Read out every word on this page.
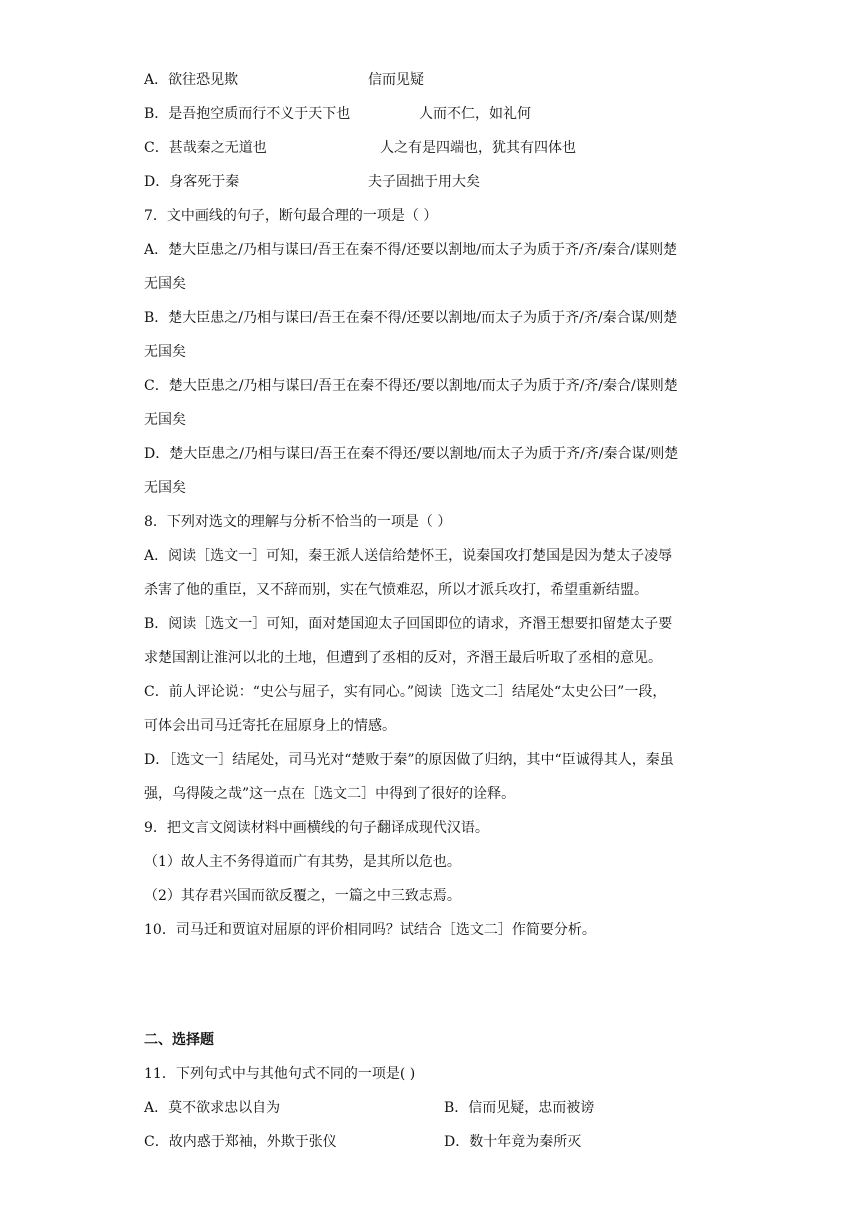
A．欲往恐见欺	信而见疑
B．是吾抱空质而行不义于天下也	人而不仁，如礼何
C．甚哉秦之无道也	人之有是四端也，犹其有四体也
D．身客死于秦	夫子固拙于用大矣
7．文中画线的句子，断句最合理的一项是（ ）
A．楚大臣患之/乃相与谋曰/吾王在秦不得/还要以割地/而太子为质于齐/齐/秦合/谋则楚
无国矣
B．楚大臣患之/乃相与谋曰/吾王在秦不得/还要以割地/而太子为质于齐/齐/秦合谋/则楚
无国矣
C．楚大臣患之/乃相与谋曰/吾王在秦不得还/要以割地/而太子为质于齐/齐/秦合/谋则楚
无国矣
D．楚大臣患之/乃相与谋曰/吾王在秦不得还/要以割地/而太子为质于齐/齐/秦合谋/则楚
无国矣
8．下列对选文的理解与分析不恰当的一项是（ ）
A．阅读［选文一］可知，秦王派人送信给楚怀王，说秦国攻打楚国是因为楚太子凌辱
杀害了他的重臣，又不辞而别，实在气愤难忍，所以才派兵攻打，希望重新结盟。
B．阅读［选文一］可知，面对楚国迎太子回国即位的请求，齐湣王想要扣留楚太子要
求楚国割让淮河以北的土地，但遭到了丞相的反对，齐湣王最后听取了丞相的意见。
C．前人评论说：“史公与屈子，实有同心。”阅读［选文二］结尾处“太史公曰”一段，
可体会出司马迁寄托在屈原身上的情感。
D．［选文一］结尾处，司马光对“楚败于秦”的原因做了归纳，其中“臣诚得其人，秦虽
强，乌得陵之哉”这一点在［选文二］中得到了很好的诠释。
9．把文言文阅读材料中画横线的句子翻译成现代汉语。
（1）故人主不务得道而广有其势，是其所以危也。
（2）其存君兴国而欲反覆之，一篇之中三致志焉。
10．司马迁和贾谊对屈原的评价相同吗？试结合［选文二］作简要分析。
二、选择题
11．下列句式中与其他句式不同的一项是( )
A．莫不欲求忠以自为	B．信而见疑，忠而被谤
C．故内惑于郑袖，外欺于张仪	D．数十年竟为秦所灭
